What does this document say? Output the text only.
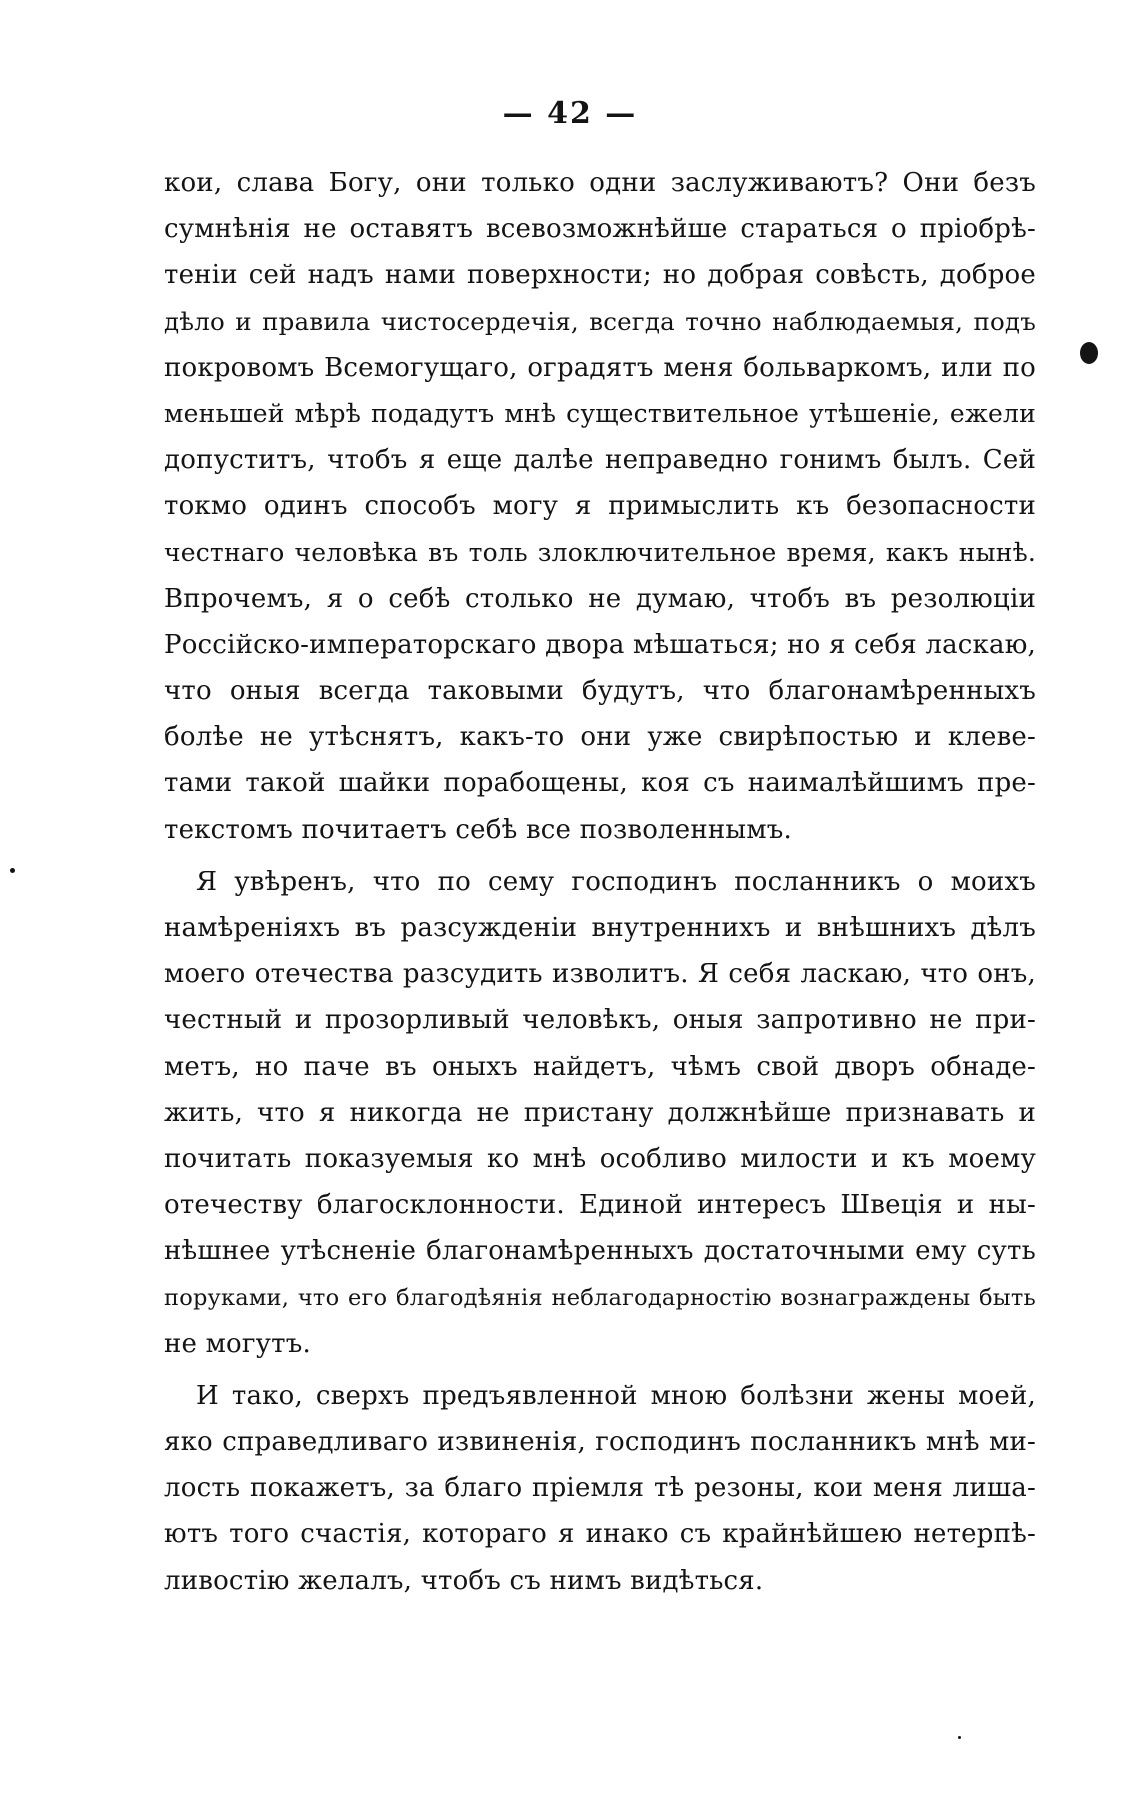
— 42 —
кои, слава Богу, они только одни заслуживаютъ? Они безъ
сумнѣнія не оставятъ всевозможнѣйше стараться о пріобрѣ-
теніи сей надъ нами поверхности; но добрая совѣсть, доброе
дѣло и правила чистосердечія, всегда точно наблюдаемыя, подъ
покровомъ Всемогущаго, оградятъ меня больваркомъ, или по
меньшей мѣрѣ подадутъ мнѣ существительное утѣшеніе, ежели
допуститъ, чтобъ я еще далѣе неправедно гонимъ былъ. Сей
токмо одинъ способъ могу я примыслить къ безопасности
честнаго человѣка въ толь злоключительное время, какъ нынѣ.
Впрочемъ, я о себѣ столько не думаю, чтобъ въ резолюціи
Россійско-императорскаго двора мѣшаться; но я себя ласкаю,
что оныя всегда таковыми будутъ, что благонамѣренныхъ
болѣе не утѣснятъ, какъ-то они уже свирѣпостью и клеве-
тами такой шайки порабощены, коя съ наималѣйшимъ пре-
текстомъ почитаетъ себѣ все позволеннымъ.
Я увѣренъ, что по сему господинъ посланникъ о моихъ
намѣреніяхъ въ разсужденіи внутреннихъ и внѣшнихъ дѣлъ
моего отечества разсудить изволитъ. Я себя ласкаю, что онъ,
честный и прозорливый человѣкъ, оныя запротивно не при-
метъ, но паче въ оныхъ найдетъ, чѣмъ свой дворъ обнаде-
жить, что я никогда не пристану должнѣйше признавать и
почитать показуемыя ко мнѣ особливо милости и къ моему
отечеству благосклонности. Единой интересъ Швеція и ны-
нѣшнее утѣсненіе благонамѣренныхъ достаточными ему суть
поруками, что его благодѣянія неблагодарностію вознаграждены быть
не могутъ.
И тако, сверхъ предъявленной мною болѣзни жены моей,
яко справедливаго извиненія, господинъ посланникъ мнѣ ми-
лость покажетъ, за благо пріемля тѣ резоны, кои меня лиша-
ютъ того счастія, котораго я инако съ крайнѣйшею нетерпѣ-
ливостію желалъ, чтобъ съ нимъ видѣться.
